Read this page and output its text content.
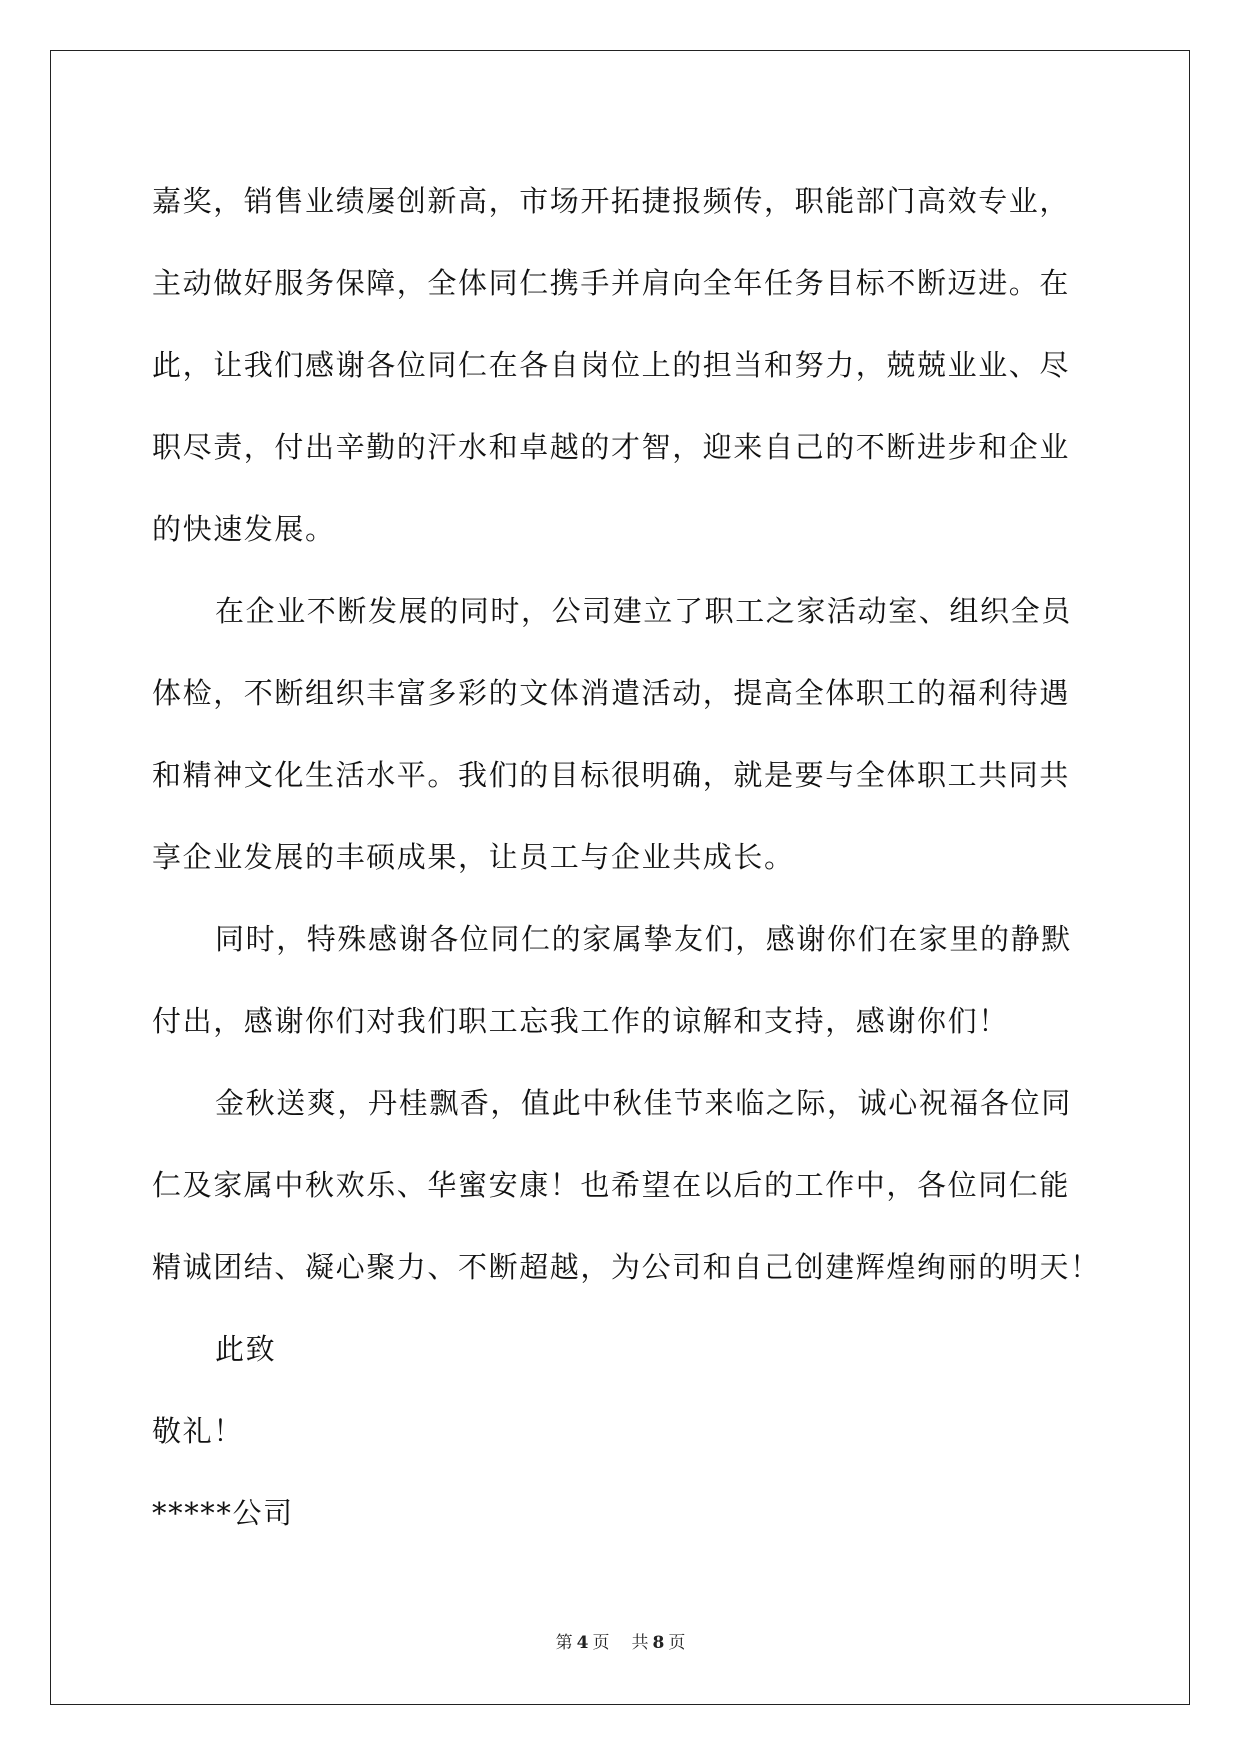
嘉奖，销售业绩屡创新高，市场开拓捷报频传，职能部门高效专业，
主动做好服务保障，全体同仁携手并肩向全年任务目标不断迈进。在
此，让我们感谢各位同仁在各自岗位上的担当和努力，兢兢业业、尽
职尽责，付出辛勤的汗水和卓越的才智，迎来自己的不断进步和企业
的快速发展。
在企业不断发展的同时，公司建立了职工之家活动室、组织全员
体检，不断组织丰富多彩的文体消遣活动，提高全体职工的福利待遇
和精神文化生活水平。我们的目标很明确，就是要与全体职工共同共
享企业发展的丰硕成果，让员工与企业共成长。
同时，特殊感谢各位同仁的家属挚友们，感谢你们在家里的静默
付出，感谢你们对我们职工忘我工作的谅解和支持，感谢你们！
金秋送爽，丹桂飘香，值此中秋佳节来临之际，诚心祝福各位同
仁及家属中秋欢乐、华蜜安康！也希望在以后的工作中，各位同仁能
精诚团结、凝心聚力、不断超越，为公司和自己创建辉煌绚丽的明天！
此致
敬礼！
*****公司
第 4 页 共 8 页
